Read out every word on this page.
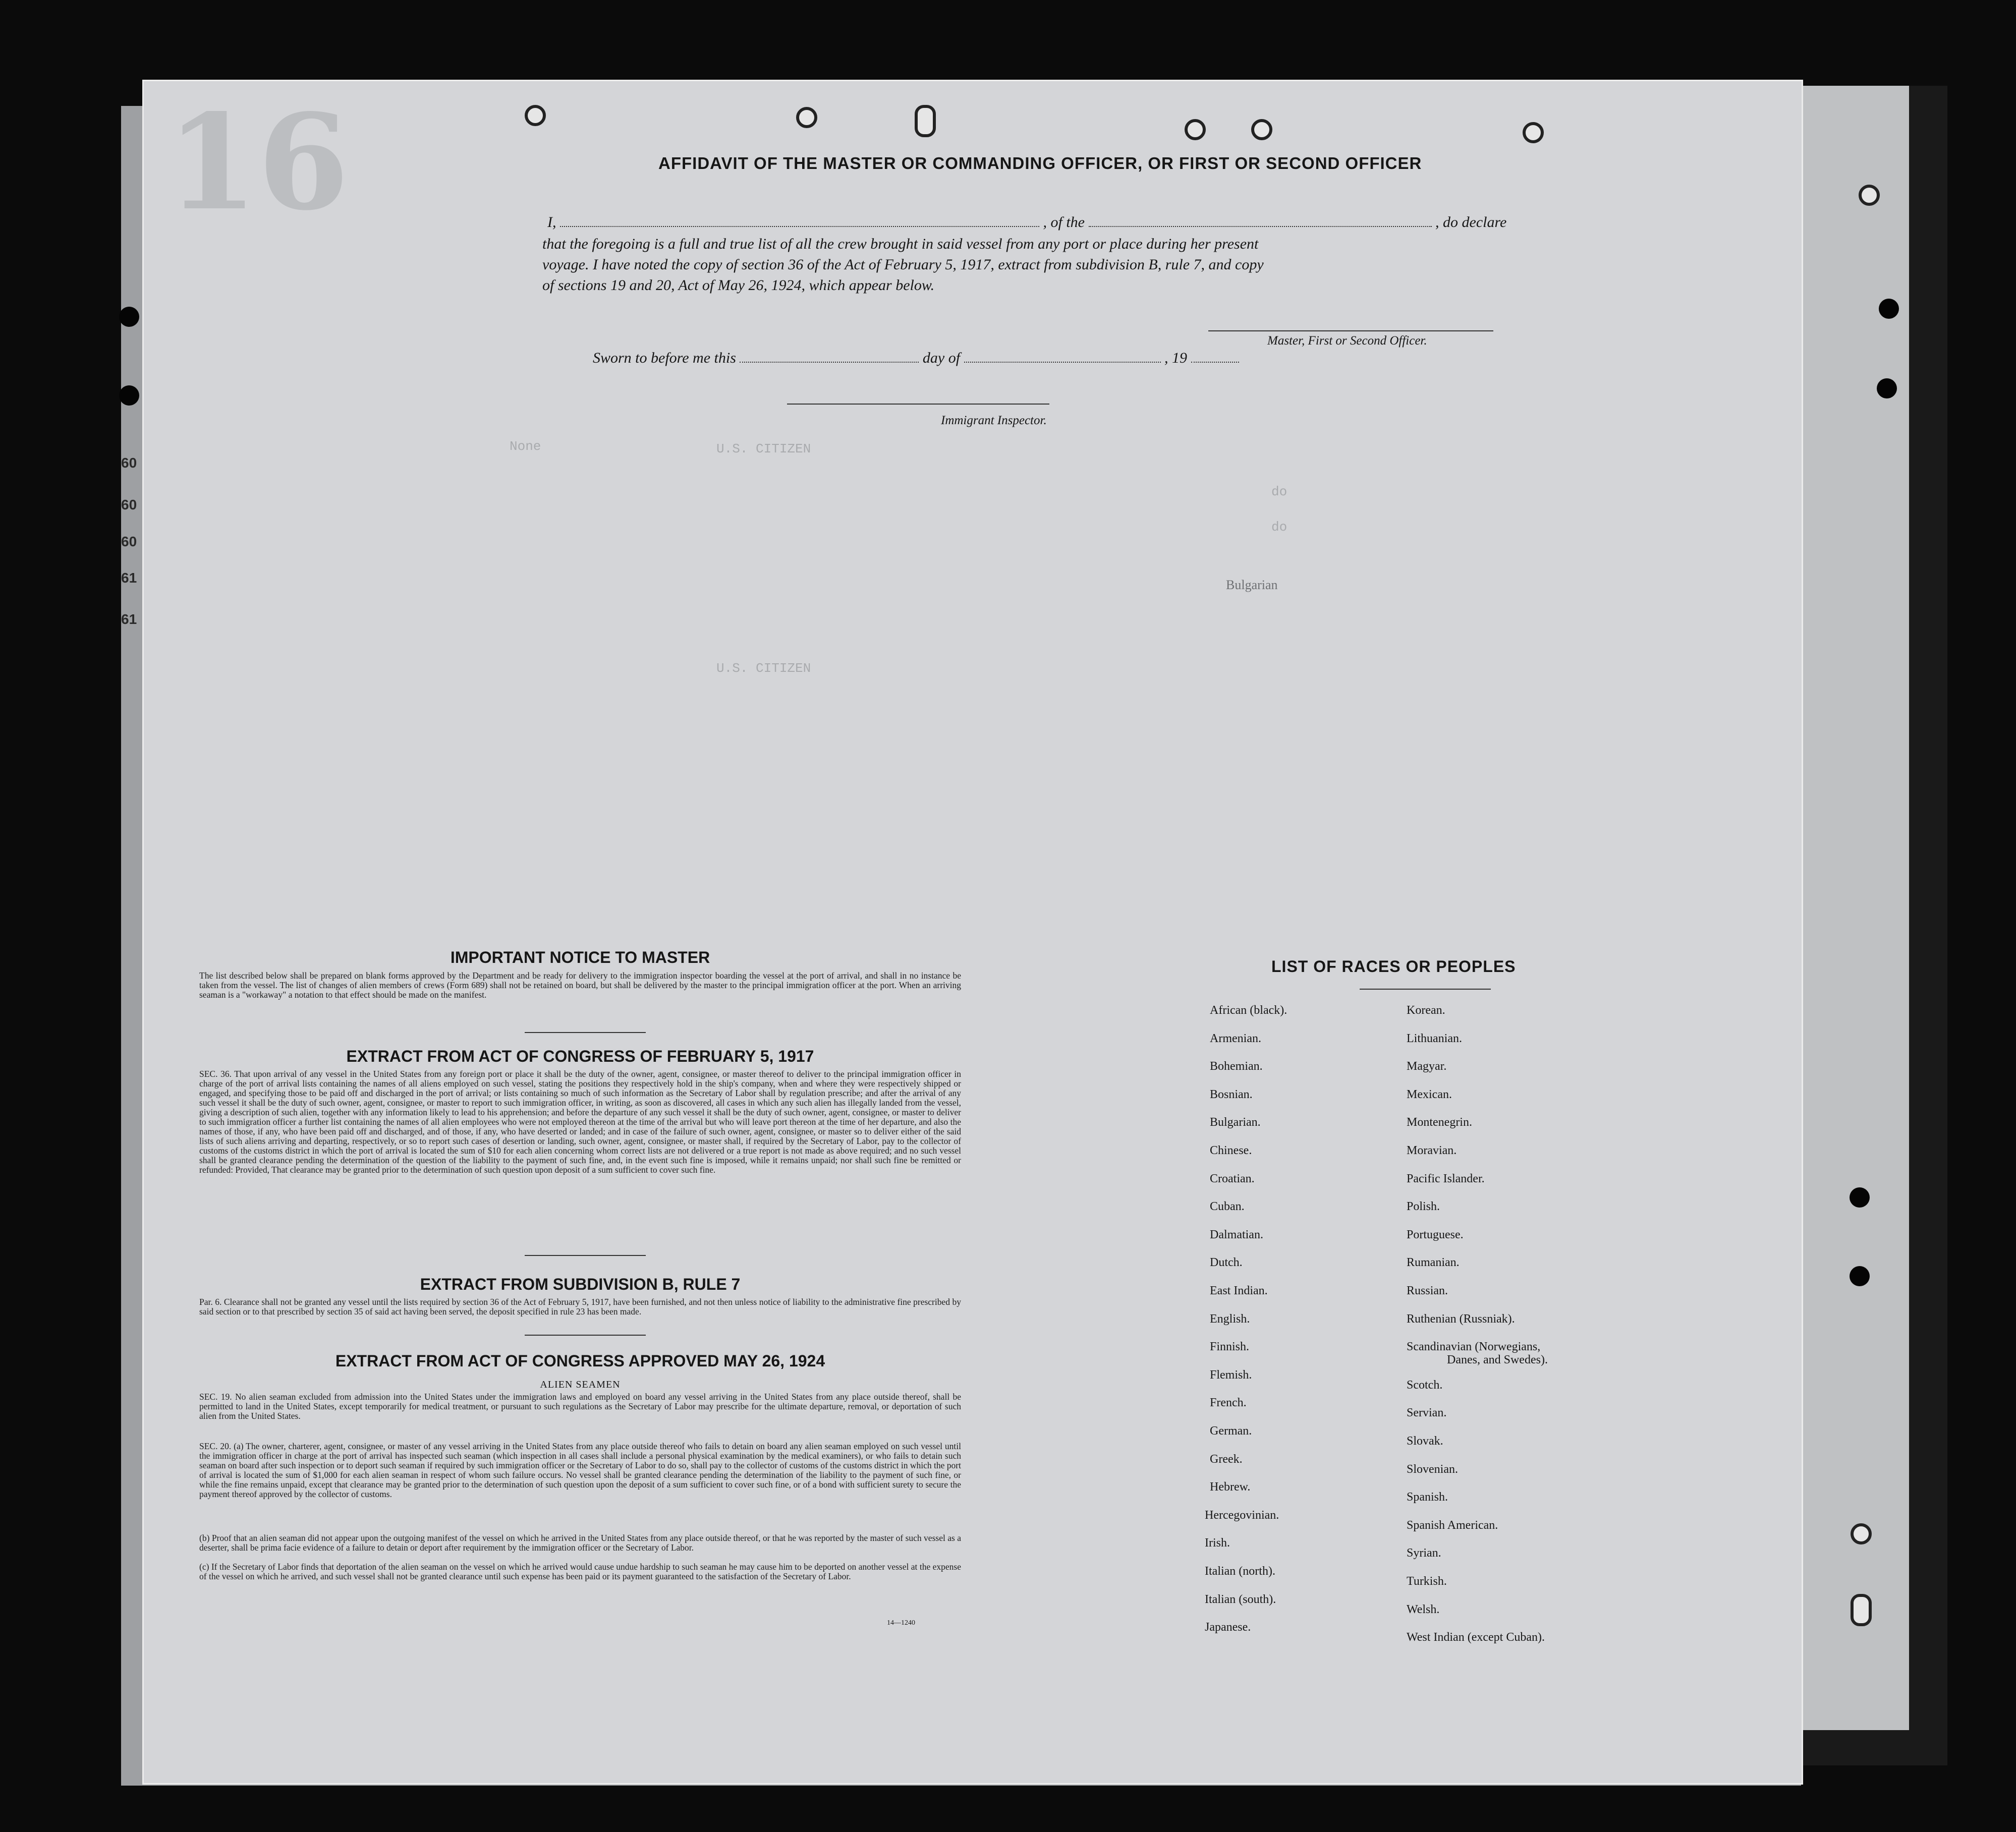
16
None	U.S. CITIZEN
do
do
U.S. CITIZEN
Bulgarian
60
60
60
61
61
AFFIDAVIT OF THE MASTER OR COMMANDING OFFICER, OR FIRST OR SECOND OFFICER
I,	, of the	, do declare
that the foregoing is a full and true list of all the crew brought in said vessel from any port or place during her present
voyage. I have noted the copy of section 36 of the Act of February 5, 1917, extract from subdivision B, rule 7, and copy
of sections 19 and 20, Act of May 26, 1924, which appear below.
Master, First or Second Officer.
Sworn to before me this	day of	, 19
Immigrant Inspector.
IMPORTANT NOTICE TO MASTER
The list described below shall be prepared on blank forms approved by the Department and be ready for delivery to the immigration inspector boarding the vessel at the port of arrival, and shall in no instance be taken from the vessel. The list of changes of alien members of crews (Form 689) shall not be retained on board, but shall be delivered by the master to the principal immigration officer at the port. When an arriving seaman is a "workaway" a notation to that effect should be made on the manifest.
EXTRACT FROM ACT OF CONGRESS OF FEBRUARY 5, 1917
SEC. 36. That upon arrival of any vessel in the United States from any foreign port or place it shall be the duty of the owner, agent, consignee, or master thereof to deliver to the principal immigration officer in charge of the port of arrival lists containing the names of all aliens employed on such vessel, stating the positions they respectively hold in the ship's company, when and where they were respectively shipped or engaged, and specifying those to be paid off and discharged in the port of arrival; or lists containing so much of such information as the Secretary of Labor shall by regulation prescribe; and after the arrival of any such vessel it shall be the duty of such owner, agent, consignee, or master to report to such immigration officer, in writing, as soon as discovered, all cases in which any such alien has illegally landed from the vessel, giving a description of such alien, together with any information likely to lead to his apprehension; and before the departure of any such vessel it shall be the duty of such owner, agent, consignee, or master to deliver to such immigration officer a further list containing the names of all alien employees who were not employed thereon at the time of the arrival but who will leave port thereon at the time of her departure, and also the names of those, if any, who have been paid off and discharged, and of those, if any, who have deserted or landed; and in case of the failure of such owner, agent, consignee, or master so to deliver either of the said lists of such aliens arriving and departing, respectively, or so to report such cases of desertion or landing, such owner, agent, consignee, or master shall, if required by the Secretary of Labor, pay to the collector of customs of the customs district in which the port of arrival is located the sum of $10 for each alien concerning whom correct lists are not delivered or a true report is not made as above required; and no such vessel shall be granted clearance pending the determination of the question of the liability to the payment of such fine, and, in the event such fine is imposed, while it remains unpaid; nor shall such fine be remitted or refunded: Provided, That clearance may be granted prior to the determination of such question upon deposit of a sum sufficient to cover such fine.
EXTRACT FROM SUBDIVISION B, RULE 7
Par. 6. Clearance shall not be granted any vessel until the lists required by section 36 of the Act of February 5, 1917, have been furnished, and not then unless notice of liability to the administrative fine prescribed by said section or to that prescribed by section 35 of said act having been served, the deposit specified in rule 23 has been made.
EXTRACT FROM ACT OF CONGRESS APPROVED MAY 26, 1924
ALIEN SEAMEN
SEC. 19. No alien seaman excluded from admission into the United States under the immigration laws and employed on board any vessel arriving in the United States from any place outside thereof, shall be permitted to land in the United States, except temporarily for medical treatment, or pursuant to such regulations as the Secretary of Labor may prescribe for the ultimate departure, removal, or deportation of such alien from the United States.
SEC. 20. (a) The owner, charterer, agent, consignee, or master of any vessel arriving in the United States from any place outside thereof who fails to detain on board any alien seaman employed on such vessel until the immigration officer in charge at the port of arrival has inspected such seaman (which inspection in all cases shall include a personal physical examination by the medical examiners), or who fails to detain such seaman on board after such inspection or to deport such seaman if required by such immigration officer or the Secretary of Labor to do so, shall pay to the collector of customs of the customs district in which the port of arrival is located the sum of $1,000 for each alien seaman in respect of whom such failure occurs. No vessel shall be granted clearance pending the determination of the liability to the payment of such fine, or while the fine remains unpaid, except that clearance may be granted prior to the determination of such question upon the deposit of a sum sufficient to cover such fine, or of a bond with sufficient surety to secure the payment thereof approved by the collector of customs.
(b) Proof that an alien seaman did not appear upon the outgoing manifest of the vessel on which he arrived in the United States from any place outside thereof, or that he was reported by the master of such vessel as a deserter, shall be prima facie evidence of a failure to detain or deport after requirement by the immigration officer or the Secretary of Labor.
(c) If the Secretary of Labor finds that deportation of the alien seaman on the vessel on which he arrived would cause undue hardship to such seaman he may cause him to be deported on another vessel at the expense of the vessel on which he arrived, and such vessel shall not be granted clearance until such expense has been paid or its payment guaranteed to the satisfaction of the Secretary of Labor.
14—1240
LIST OF RACES OR PEOPLES
African (black).
Armenian.
Bohemian.
Bosnian.
Bulgarian.
Chinese.
Croatian.
Cuban.
Dalmatian.
Dutch.
East Indian.
English.
Finnish.
Flemish.
French.
German.
Greek.
Hebrew.
Hercegovinian.
Irish.
Italian (north).
Italian (south).
Japanese.
Korean.
Lithuanian.
Magyar.
Mexican.
Montenegrin.
Moravian.
Pacific Islander.
Polish.
Portuguese.
Rumanian.
Russian.
Ruthenian (Russniak).
Scandinavian (Norwegians,
Danes, and Swedes).
Scotch.
Servian.
Slovak.
Slovenian.
Spanish.
Spanish American.
Syrian.
Turkish.
Welsh.
West Indian (except Cuban).
